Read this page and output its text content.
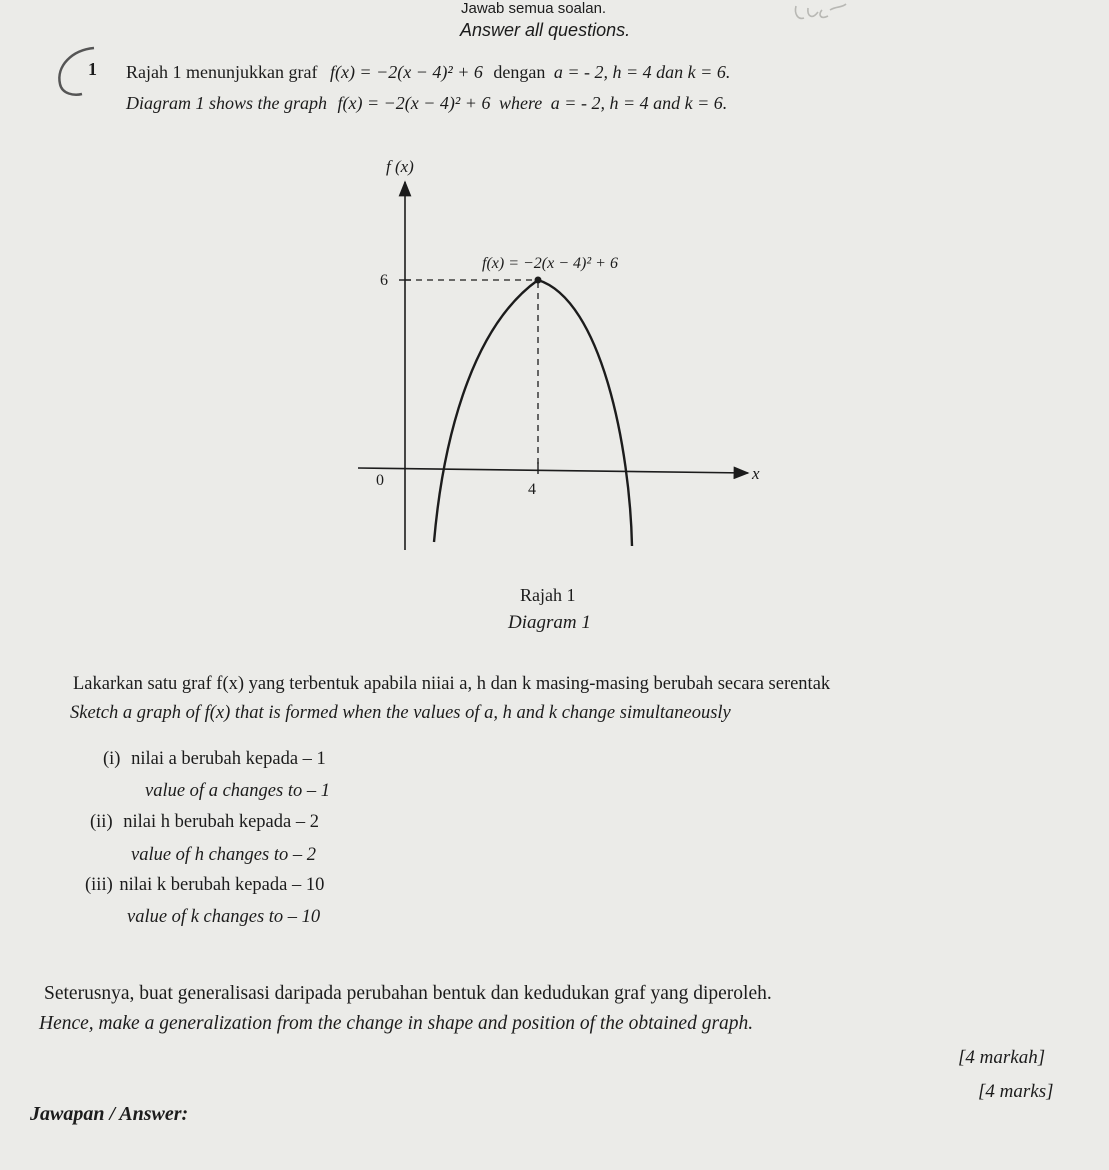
Jawab semua soalan.
Answer all questions.
1 Rajah 1 menunjukkan graf f(x) = −2(x − 4)² + 6 dengan a = - 2, h = 4 dan k = 6.
Diagram 1 shows the graph f(x) = −2(x − 4)² + 6 where a = - 2, h = 4 and k = 6.
f (x)
x
0
6
4
f(x) = −2(x − 4)² + 6
Rajah 1
Diagram 1
Lakarkan satu graf f(x) yang terbentuk apabila niiai a, h dan k masing-masing berubah secara serentak
Sketch a graph of f(x) that is formed when the values of a, h and k change simultaneously
(i) nilai a berubah kepada – 1
value of a changes to – 1
(ii) nilai h berubah kepada – 2
value of h changes to – 2
(iii) nilai k berubah kepada – 10
value of k changes to – 10
Seterusnya, buat generalisasi daripada perubahan bentuk dan kedudukan graf yang diperoleh.
Hence, make a generalization from the change in shape and position of the obtained graph.
[4 markah]
[4 marks]
Jawapan / Answer:
